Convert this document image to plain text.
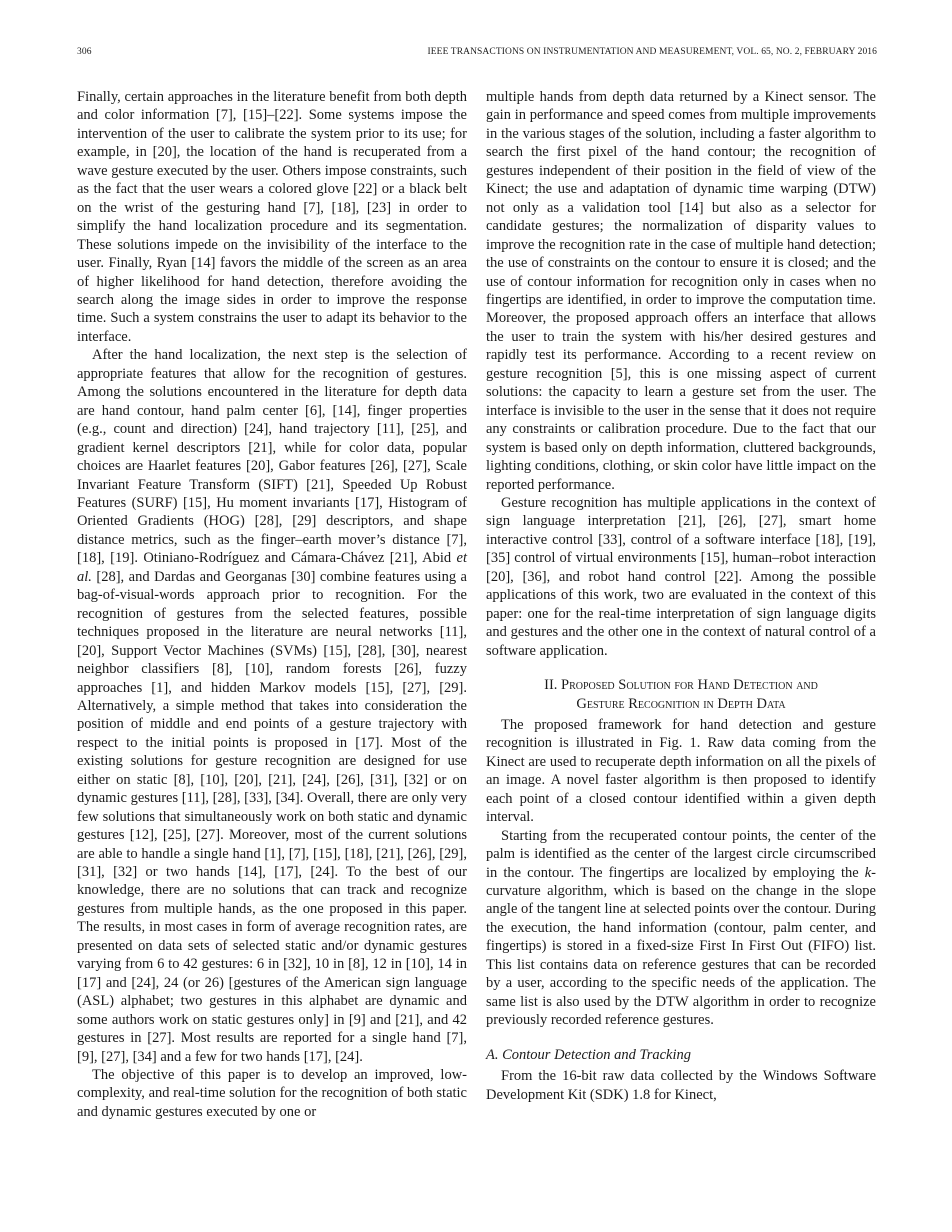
306	IEEE TRANSACTIONS ON INSTRUMENTATION AND MEASUREMENT, VOL. 65, NO. 2, FEBRUARY 2016

Finally, certain approaches in the literature benefit from both depth and color information [7], [15]–[22]. Some systems impose the intervention of the user to calibrate the system prior to its use; for example, in [20], the location of the hand is recuperated from a wave gesture executed by the user. Others impose constraints, such as the fact that the user wears a colored glove [22] or a black belt on the wrist of the gesturing hand [7], [18], [23] in order to simplify the hand localization procedure and its segmentation. These solutions impede on the invisibility of the interface to the user. Finally, Ryan [14] favors the middle of the screen as an area of higher likelihood for hand detection, therefore avoiding the search along the image sides in order to improve the response time. Such a system constrains the user to adapt its behavior to the interface.

After the hand localization, the next step is the selection of appropriate features that allow for the recognition of gestures. Among the solutions encountered in the literature for depth data are hand contour, hand palm center [6], [14], finger properties (e.g., count and direction) [24], hand trajectory [11], [25], and gradient kernel descriptors [21], while for color data, popular choices are Haarlet features [20], Gabor features [26], [27], Scale Invariant Feature Transform (SIFT) [21], Speeded Up Robust Features (SURF) [15], Hu moment invariants [17], Histogram of Oriented Gradients (HOG) [28], [29] descriptors, and shape distance metrics, such as the finger–earth mover’s distance [7], [18], [19]. Otiniano-Rodríguez and Cámara-Chávez [21], Abid et al. [28], and Dardas and Georganas [30] combine features using a bag-of-visual-words approach prior to recognition. For the recognition of gestures from the selected features, possible techniques proposed in the literature are neural networks [11], [20], Support Vector Machines (SVMs) [15], [28], [30], nearest neighbor classifiers [8], [10], random forests [26], fuzzy approaches [1], and hidden Markov models [15], [27], [29]. Alternatively, a simple method that takes into consideration the position of middle and end points of a gesture trajectory with respect to the initial points is proposed in [17]. Most of the existing solutions for gesture recognition are designed for use either on static [8], [10], [20], [21], [24], [26], [31], [32] or on dynamic gestures [11], [28], [33], [34]. Overall, there are only very few solutions that simultaneously work on both static and dynamic gestures [12], [25], [27]. Moreover, most of the current solutions are able to handle a single hand [1], [7], [15], [18], [21], [26], [29], [31], [32] or two hands [14], [17], [24]. To the best of our knowledge, there are no solutions that can track and recognize gestures from multiple hands, as the one proposed in this paper. The results, in most cases in form of average recognition rates, are presented on data sets of selected static and/or dynamic gestures varying from 6 to 42 gestures: 6 in [32], 10 in [8], 12 in [10], 14 in [17] and [24], 24 (or 26) [gestures of the American sign language (ASL) alphabet; two gestures in this alphabet are dynamic and some authors work on static gestures only] in [9] and [21], and 42 gestures in [27]. Most results are reported for a single hand [7], [9], [27], [34] and a few for two hands [17], [24].

The objective of this paper is to develop an improved, low-complexity, and real-time solution for the recognition of both static and dynamic gestures executed by one or

multiple hands from depth data returned by a Kinect sensor. The gain in performance and speed comes from multiple improvements in the various stages of the solution, including a faster algorithm to search the first pixel of the hand contour; the recognition of gestures independent of their position in the field of view of the Kinect; the use and adaptation of dynamic time warping (DTW) not only as a validation tool [14] but also as a selector for candidate gestures; the normalization of disparity values to improve the recognition rate in the case of multiple hand detection; the use of constraints on the contour to ensure it is closed; and the use of contour information for recognition only in cases when no fingertips are identified, in order to improve the computation time. Moreover, the proposed approach offers an interface that allows the user to train the system with his/her desired gestures and rapidly test its performance. According to a recent review on gesture recognition [5], this is one missing aspect of current solutions: the capacity to learn a gesture set from the user. The interface is invisible to the user in the sense that it does not require any constraints or calibration procedure. Due to the fact that our system is based only on depth information, cluttered backgrounds, lighting conditions, clothing, or skin color have little impact on the reported performance.

Gesture recognition has multiple applications in the context of sign language interpretation [21], [26], [27], smart home interactive control [33], control of a software interface [18], [19], [35] control of virtual environments [15], human–robot interaction [20], [36], and robot hand control [22]. Among the possible applications of this work, two are evaluated in the context of this paper: one for the real-time interpretation of sign language digits and gestures and the other one in the context of natural control of a software application.

II. Proposed Solution for Hand Detection and
Gesture Recognition in Depth Data

The proposed framework for hand detection and gesture recognition is illustrated in Fig. 1. Raw data coming from the Kinect are used to recuperate depth information on all the pixels of an image. A novel faster algorithm is then proposed to identify each point of a closed contour identified within a given depth interval.

Starting from the recuperated contour points, the center of the palm is identified as the center of the largest circle circumscribed in the contour. The fingertips are localized by employing the k-curvature algorithm, which is based on the change in the slope angle of the tangent line at selected points over the contour. During the execution, the hand information (contour, palm center, and fingertips) is stored in a fixed-size First In First Out (FIFO) list. This list contains data on reference gestures that can be recorded by a user, according to the specific needs of the application. The same list is also used by the DTW algorithm in order to recognize previously recorded reference gestures.

A. Contour Detection and Tracking

From the 16-bit raw data collected by the Windows Software Development Kit (SDK) 1.8 for Kinect,
